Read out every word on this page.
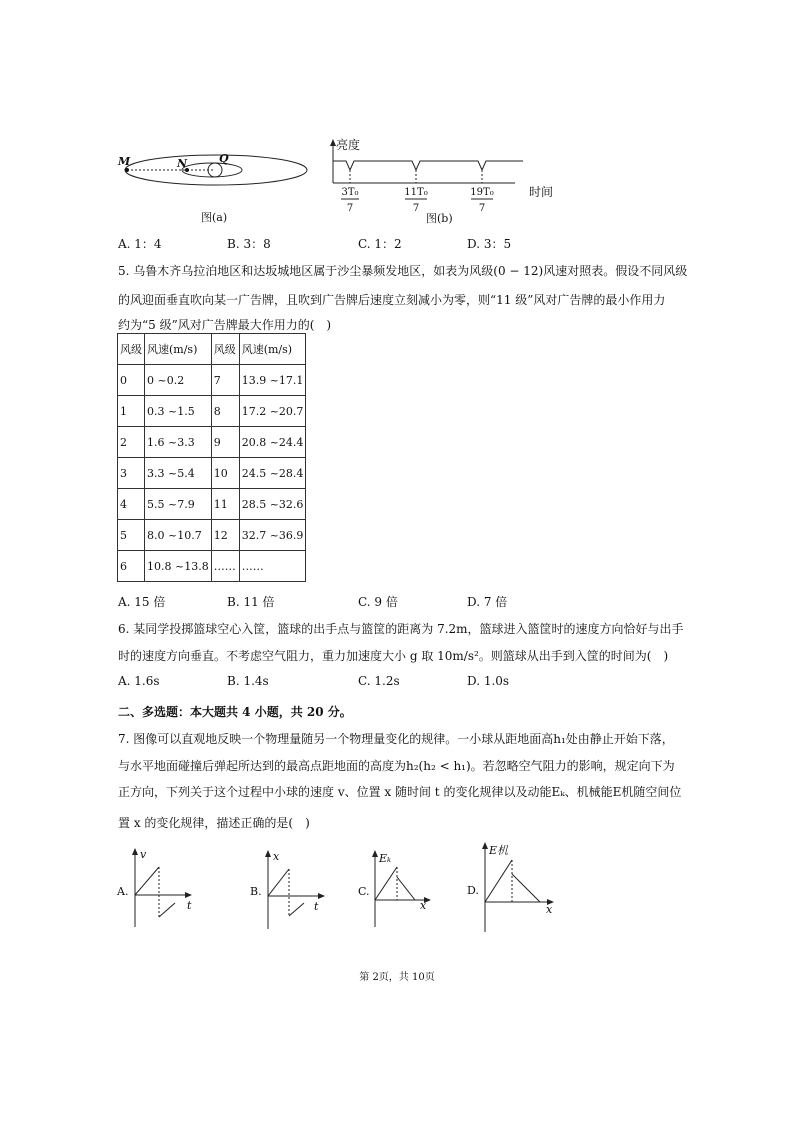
M	N	Q
图(a)
亮度
时间
3T₀
7
11T₀
7
19T₀
7
图(b)
A. 1：4	B. 3：8	C. 1：2	D. 3：5
5. 乌鲁木齐乌拉泊地区和达坂城地区属于沙尘暴频发地区，如表为风级(0 − 12)风速对照表。假设不同风级
的风迎面垂直吹向某一广告牌，且吹到广告牌后速度立刻减小为零，则“11 级”风对广告牌的最小作用力
约为“5 级”风对广告牌最大作用力的(　)
风级	风速(m/s)	风级	风速(m/s)
0	0 ~0.2	7	13.9 ~17.1
1	0.3 ~1.5	8	17.2 ~20.7
2	1.6 ~3.3	9	20.8 ~24.4
3	3.3 ~5.4	10	24.5 ~28.4
4	5.5 ~7.9	11	28.5 ~32.6
5	8.0 ~10.7	12	32.7 ~36.9
6	10.8 ~13.8	……	……
A. 15 倍	B. 11 倍	C. 9 倍	D. 7 倍
6. 某同学投掷篮球空心入筐，篮球的出手点与篮筐的距离为 7.2m，篮球进入篮筐时的速度方向恰好与出手
时的速度方向垂直。不考虑空气阻力，重力加速度大小 g 取 10m/s²。则篮球从出手到入筐的时间为(　)
A. 1.6s	B. 1.4s	C. 1.2s	D. 1.0s
二、多选题：本大题共 4 小题，共 20 分。
7. 图像可以直观地反映一个物理量随另一个物理量变化的规律。一小球从距地面高h₁处由静止开始下落，
与水平地面碰撞后弹起所达到的最高点距地面的高度为h₂(h₂ < h₁)。若忽略空气阻力的影响，规定向下为
正方向，下列关于这个过程中小球的速度 v、位置 x 随时间 t 的变化规律以及动能Eₖ、机械能E机随空间位
置 x 的变化规律，描述正确的是(　)
A.
v
t
B.
x
t
C.
Eₖ
x
D.
E机
x
第 2页，共 10页
